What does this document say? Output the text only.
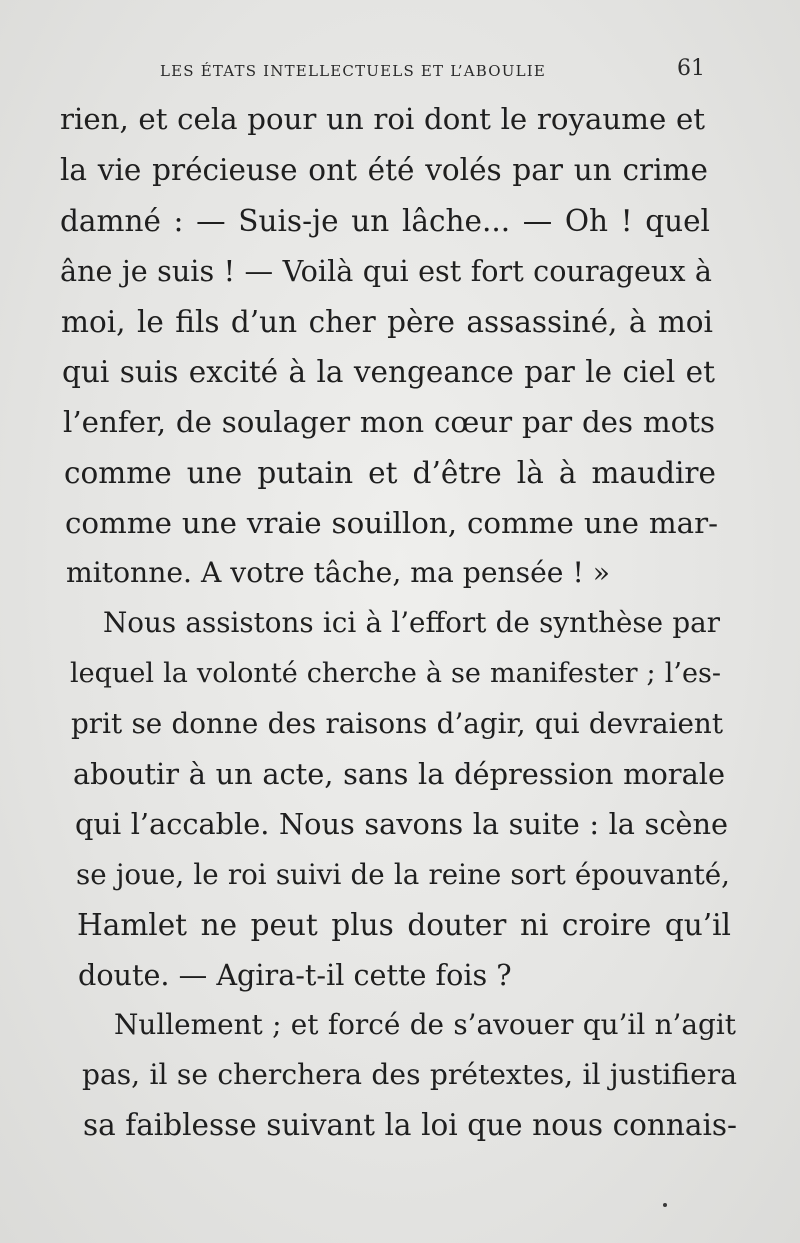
LES ÉTATS INTELLECTUELS ET L’ABOULIE	61
rien, et cela pour un roi dont le royaume et
la vie précieuse ont été volés par un crime
damné : — Suis-je un lâche... — Oh ! quel
âne je suis ! — Voilà qui est fort courageux à
moi, le fils d’un cher père assassiné, à moi
qui suis excité à la vengeance par le ciel et
l’enfer, de soulager mon cœur par des mots
comme une putain et d’être là à maudire
comme une vraie souillon, comme une mar-
mitonne. A votre tâche, ma pensée ! »
Nous assistons ici à l’effort de synthèse par
lequel la volonté cherche à se manifester ; l’es-
prit se donne des raisons d’agir, qui devraient
aboutir à un acte, sans la dépression morale
qui l’accable. Nous savons la suite : la scène
se joue, le roi suivi de la reine sort épouvanté,
Hamlet ne peut plus douter ni croire qu’il
doute. — Agira-t-il cette fois ?
Nullement ; et forcé de s’avouer qu’il n’agit
pas, il se cherchera des prétextes, il justifiera
sa faiblesse suivant la loi que nous connais-
